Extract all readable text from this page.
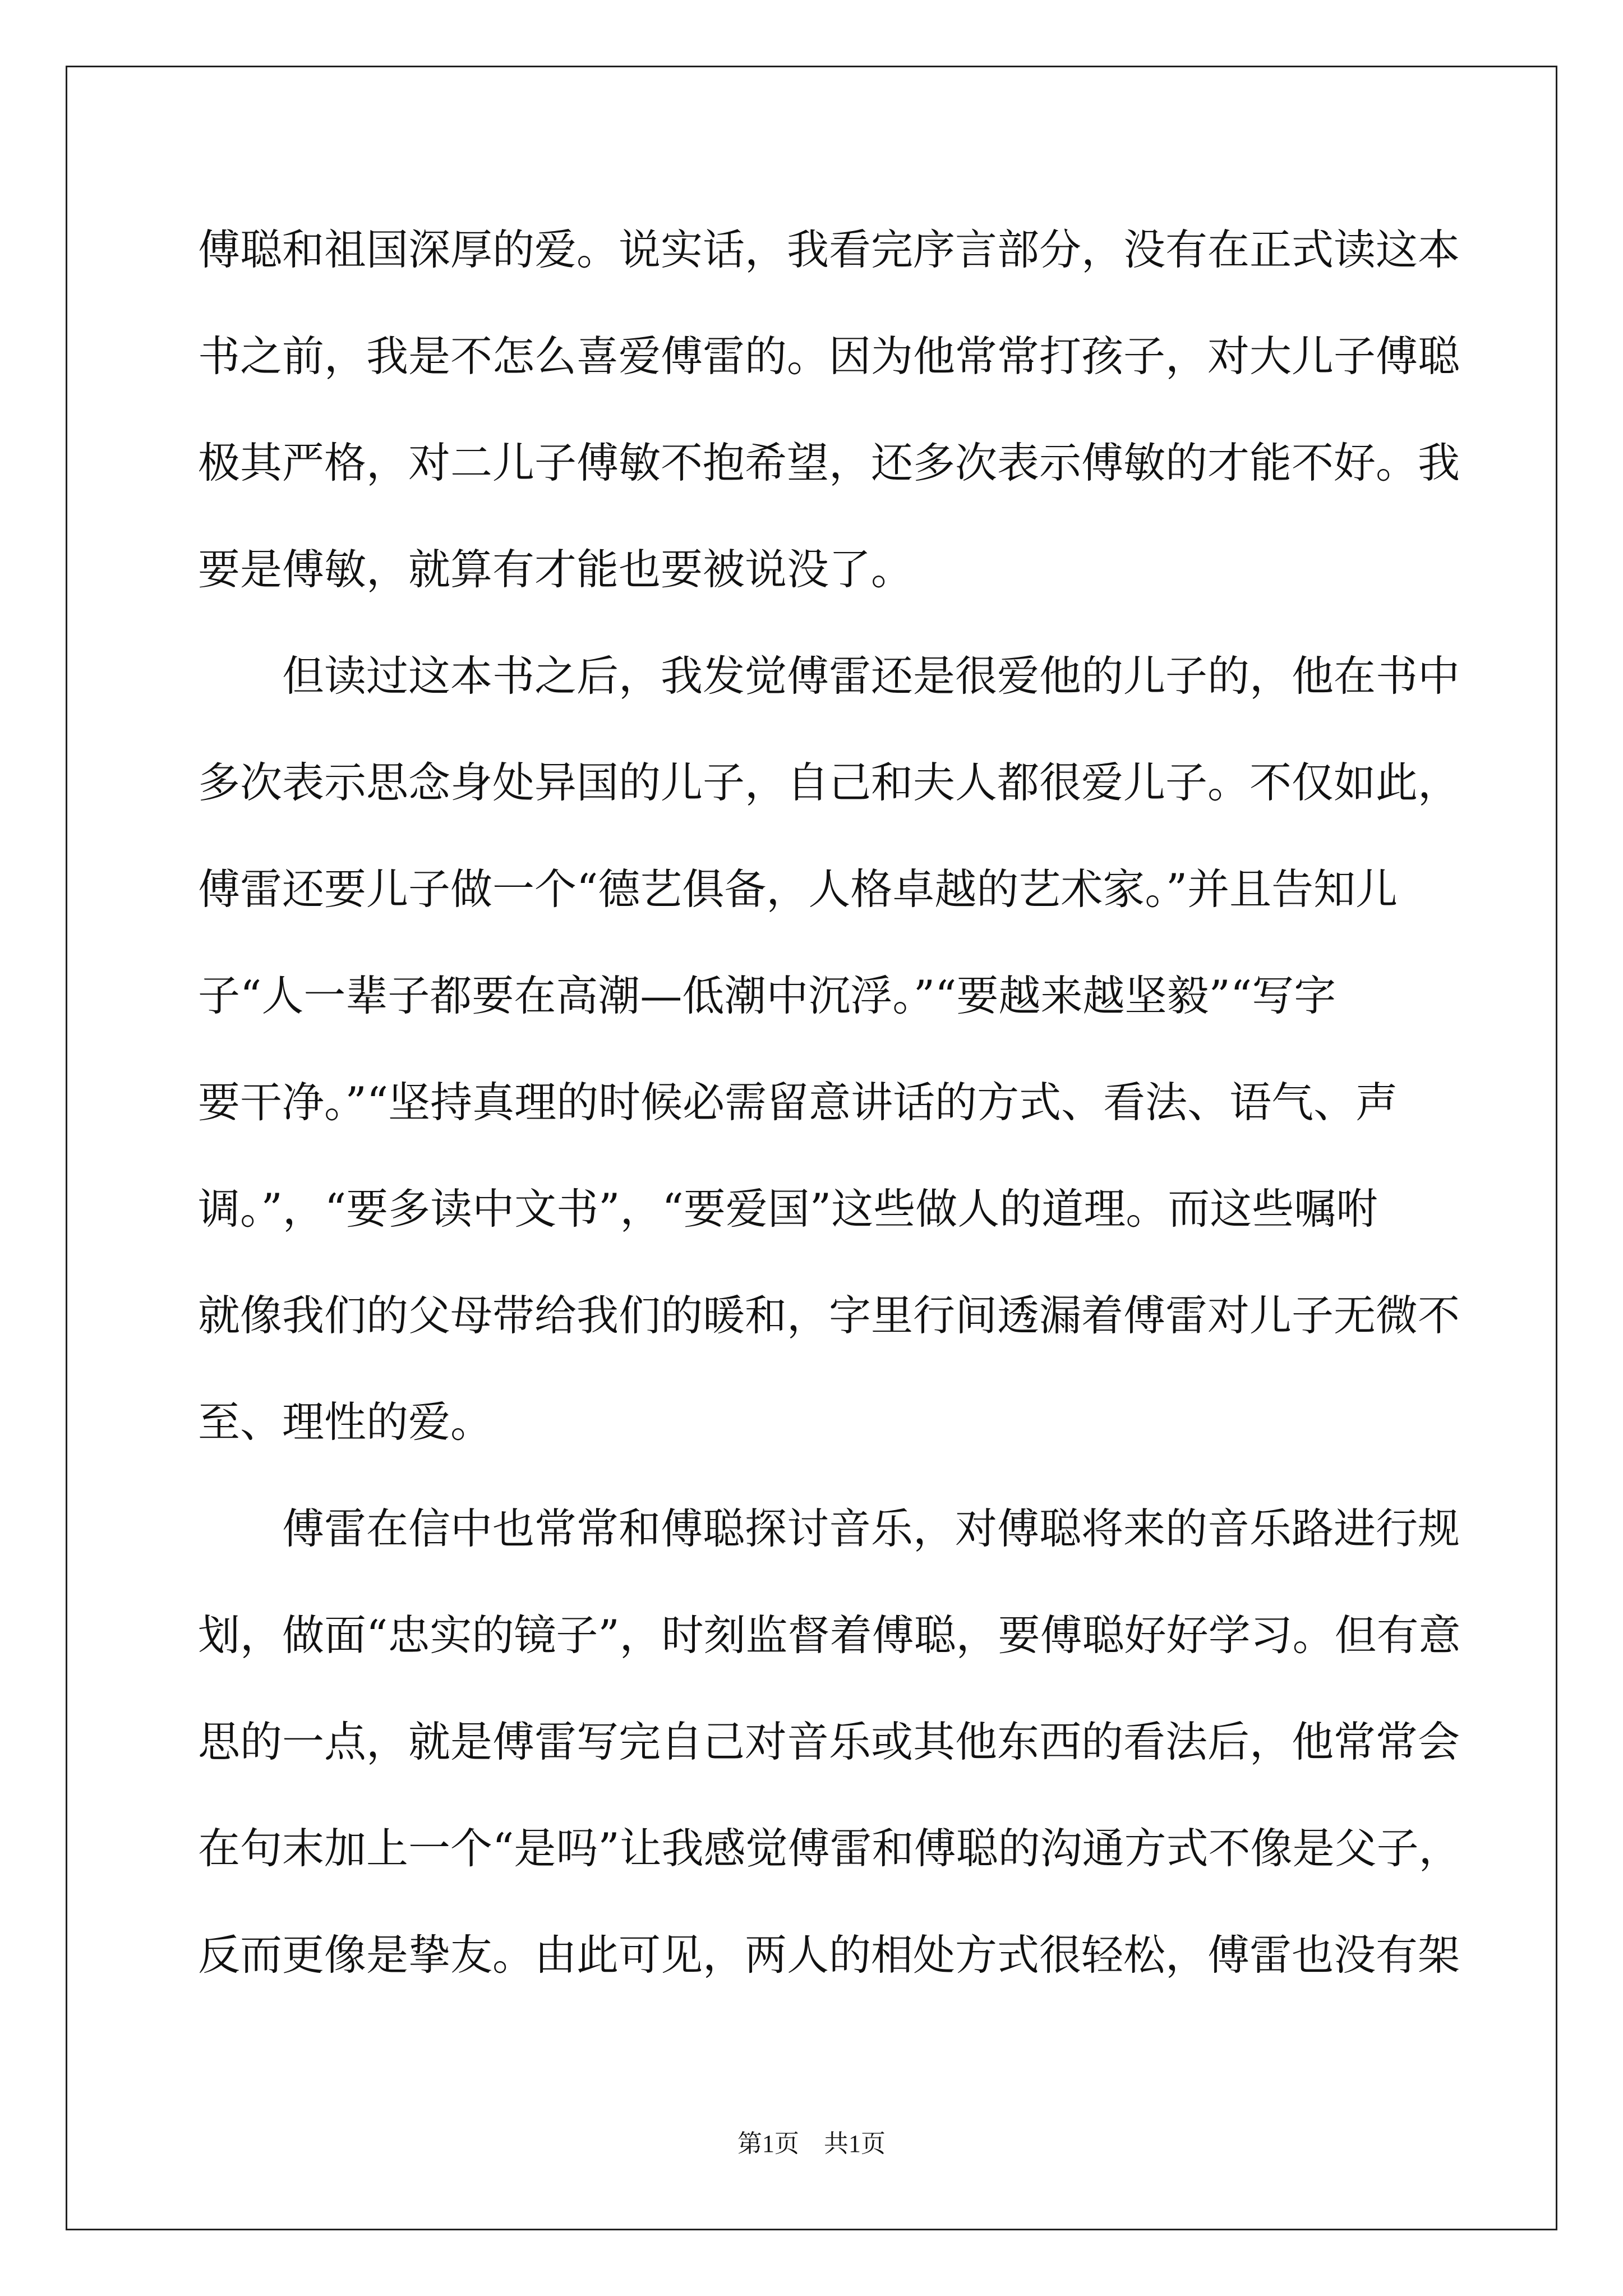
傅聪和祖国深厚的爱。说实话，我看完序言部分，没有在正式读这本
书之前，我是不怎么喜爱傅雷的。因为他常常打孩子，对大儿子傅聪
极其严格，对二儿子傅敏不抱希望，还多次表示傅敏的才能不好。我
要是傅敏，就算有才能也要被说没了。
　　但读过这本书之后，我发觉傅雷还是很爱他的儿子的，他在书中
多次表示思念身处异国的儿子，自己和夫人都很爱儿子。不仅如此，
傅雷还要儿子做一个“德艺俱备，人格卓越的艺术家。”并且告知儿
子“人一辈子都要在高潮—低潮中沉浮。”“要越来越坚毅”“写字
要干净。”“坚持真理的时候必需留意讲话的方式、看法、语气、声
调。”，“要多读中文书”，“要爱国”这些做人的道理。而这些嘱咐
就像我们的父母带给我们的暖和，字里行间透漏着傅雷对儿子无微不
至、理性的爱。
　　傅雷在信中也常常和傅聪探讨音乐，对傅聪将来的音乐路进行规
划，做面“忠实的镜子”，时刻监督着傅聪，要傅聪好好学习。但有意
思的一点，就是傅雷写完自己对音乐或其他东西的看法后，他常常会
在句末加上一个“是吗”让我感觉傅雷和傅聪的沟通方式不像是父子，
反而更像是挚友。由此可见，两人的相处方式很轻松，傅雷也没有架
第1页　共1页
